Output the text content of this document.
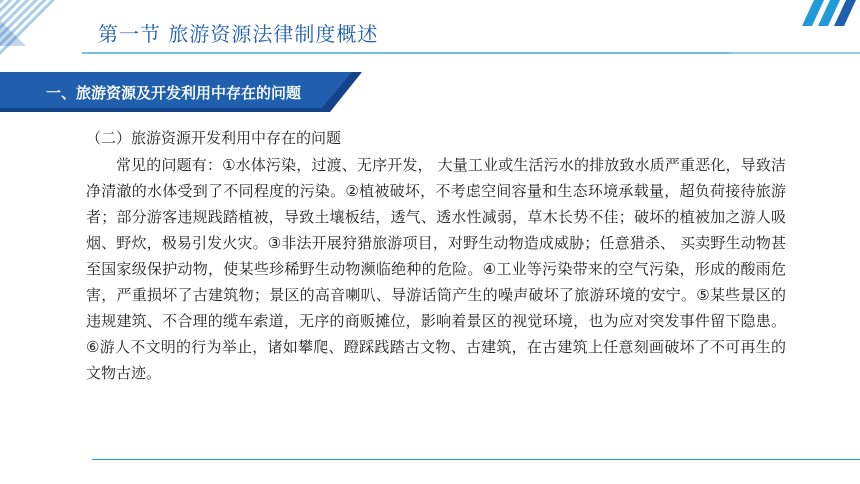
第一节 旅游资源法律制度概述

一、旅游资源及开发利用中存在的问题

（二）旅游资源开发利用中存在的问题

常见的问题有：①水体污染，过渡、无序开发， 大量工业或生活污水的排放致水质严重恶化，导致洁净清澈的水体受到了不同程度的污染。②植被破坏，不考虑空间容量和生态环境承载量，超负荷接待旅游者；部分游客违规践踏植被，导致土壤板结，透气、透水性减弱，草木长势不佳；破坏的植被加之游人吸烟、野炊，极易引发火灾。③非法开展狩猎旅游项目，对野生动物造成威胁；任意猎杀、 买卖野生动物甚至国家级保护动物，使某些珍稀野生动物濒临绝种的危险。④工业等污染带来的空气污染，形成的酸雨危害，严重损坏了古建筑物；景区的高音喇叭、导游话筒产生的噪声破坏了旅游环境的安宁。⑤某些景区的违规建筑、不合理的缆车索道，无序的商贩摊位，影响着景区的视觉环境，也为应对突发事件留下隐患。⑥游人不文明的行为举止，诸如攀爬、蹬踩践踏古文物、古建筑，在古建筑上任意刻画破坏了不可再生的文物古迹。
